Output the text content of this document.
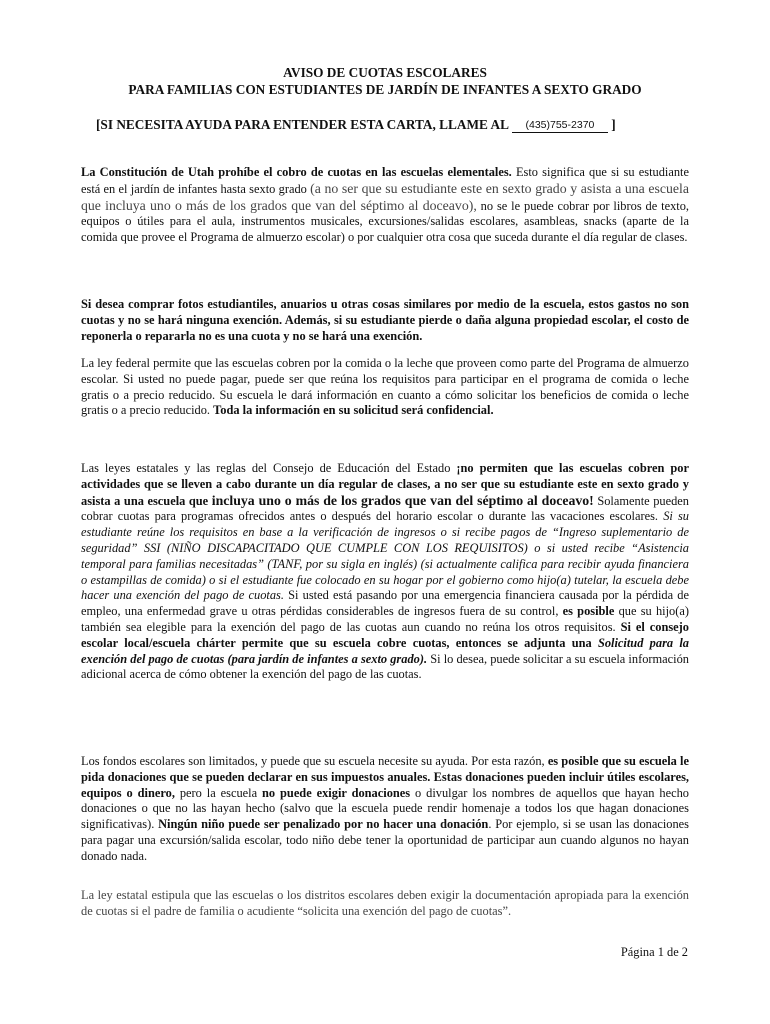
AVISO DE CUOTAS ESCOLARES
PARA FAMILIAS CON ESTUDIANTES DE JARDÍN DE INFANTES A SEXTO GRADO
[SI NECESITA AYUDA PARA ENTENDER ESTA CARTA, LLAME AL (435)755-2370 ]

La Constitución de Utah prohíbe el cobro de cuotas en las escuelas elementales. Esto significa que si su estudiante está en el jardín de infantes hasta sexto grado (a no ser que su estudiante este en sexto grado y asista a una escuela que incluya uno o más de los grados que van del séptimo al doceavo), no se le puede cobrar por libros de texto, equipos o útiles para el aula, instrumentos musicales, excursiones/salidas escolares, asambleas, snacks (aparte de la comida que provee el Programa de almuerzo escolar) o por cualquier otra cosa que suceda durante el día regular de clases.

Si desea comprar fotos estudiantiles, anuarios u otras cosas similares por medio de la escuela, estos gastos no son cuotas y no se hará ninguna exención. Además, si su estudiante pierde o daña alguna propiedad escolar, el costo de reponerla o repararla no es una cuota y no se hará una exención.

La ley federal permite que las escuelas cobren por la comida o la leche que proveen como parte del Programa de almuerzo escolar. Si usted no puede pagar, puede ser que reúna los requisitos para participar en el programa de comida o leche gratis o a precio reducido. Su escuela le dará información en cuanto a cómo solicitar los beneficios de comida o leche gratis o a precio reducido. Toda la información en su solicitud será confidencial.

Las leyes estatales y las reglas del Consejo de Educación del Estado ¡no permiten que las escuelas cobren por actividades que se lleven a cabo durante un día regular de clases, a no ser que su estudiante este en sexto grado y asista a una escuela que incluya uno o más de los grados que van del séptimo al doceavo! Solamente pueden cobrar cuotas para programas ofrecidos antes o después del horario escolar o durante las vacaciones escolares. Si su estudiante reúne los requisitos en base a la verificación de ingresos o si recibe pagos de “Ingreso suplementario de seguridad” SSI (NIÑO DISCAPACITADO QUE CUMPLE CON LOS REQUISITOS) o si usted recibe “Asistencia temporal para familias necesitadas” (TANF, por su sigla en inglés) (si actualmente califica para recibir ayuda financiera o estampillas de comida) o si el estudiante fue colocado en su hogar por el gobierno como hijo(a) tutelar, la escuela debe hacer una exención del pago de cuotas. Si usted está pasando por una emergencia financiera causada por la pérdida de empleo, una enfermedad grave u otras pérdidas considerables de ingresos fuera de su control, es posible que su hijo(a) también sea elegible para la exención del pago de las cuotas aun cuando no reúna los otros requisitos. Si el consejo escolar local/escuela chárter permite que su escuela cobre cuotas, entonces se adjunta una Solicitud para la exención del pago de cuotas (para jardín de infantes a sexto grado). Si lo desea, puede solicitar a su escuela información adicional acerca de cómo obtener la exención del pago de las cuotas.

Los fondos escolares son limitados, y puede que su escuela necesite su ayuda. Por esta razón, es posible que su escuela le pida donaciones que se pueden declarar en sus impuestos anuales. Estas donaciones pueden incluir útiles escolares, equipos o dinero, pero la escuela no puede exigir donaciones o divulgar los nombres de aquellos que hayan hecho donaciones o que no las hayan hecho (salvo que la escuela puede rendir homenaje a todos los que hagan donaciones significativas). Ningún niño puede ser penalizado por no hacer una donación. Por ejemplo, si se usan las donaciones para pagar una excursión/salida escolar, todo niño debe tener la oportunidad de participar aun cuando algunos no hayan donado nada.

La ley estatal estipula que las escuelas o los distritos escolares deben exigir la documentación apropiada para la exención de cuotas si el padre de familia o acudiente “solicita una exención del pago de cuotas”.

Página 1 de 2
